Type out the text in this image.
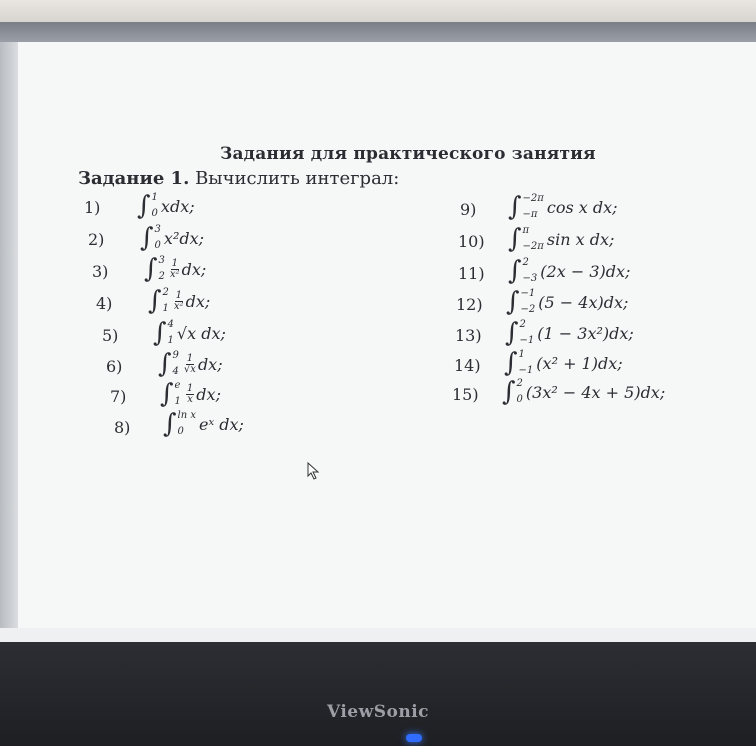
Задания для практического занятия
Задание 1. Вычислить интеграл:
1) ∫ 1
0 xdx;
2) ∫ 3
0 x²dx;
3) ∫ 3
$2 \frac{1}{\text{x²}}$ dx;
4) ∫ 2
$1 \frac{1}{\text{x²}}$ dx;
5) ∫ 4
1 √x dx;
6) ∫ 9
$4 \frac{1}{√x}$ dx;
7) ∫ e
$1 \frac{1}{x}$ dx;
8) ∫ ln x
0 eˣ dx;
9) ∫ −2π
−π cos x dx;
10) ∫ π
−2π sin x dx;
11) ∫ 2
−3 (2x − 3)dx;
12) ∫ −1
−2 (5 − 4x)dx;
13) ∫ 2
−1 (1 − 3x²)dx;
14) ∫ 1
−1 (x² + 1)dx;
15) ∫ 2
0 (3x² − 4x + 5)dx;
ViewSonic
